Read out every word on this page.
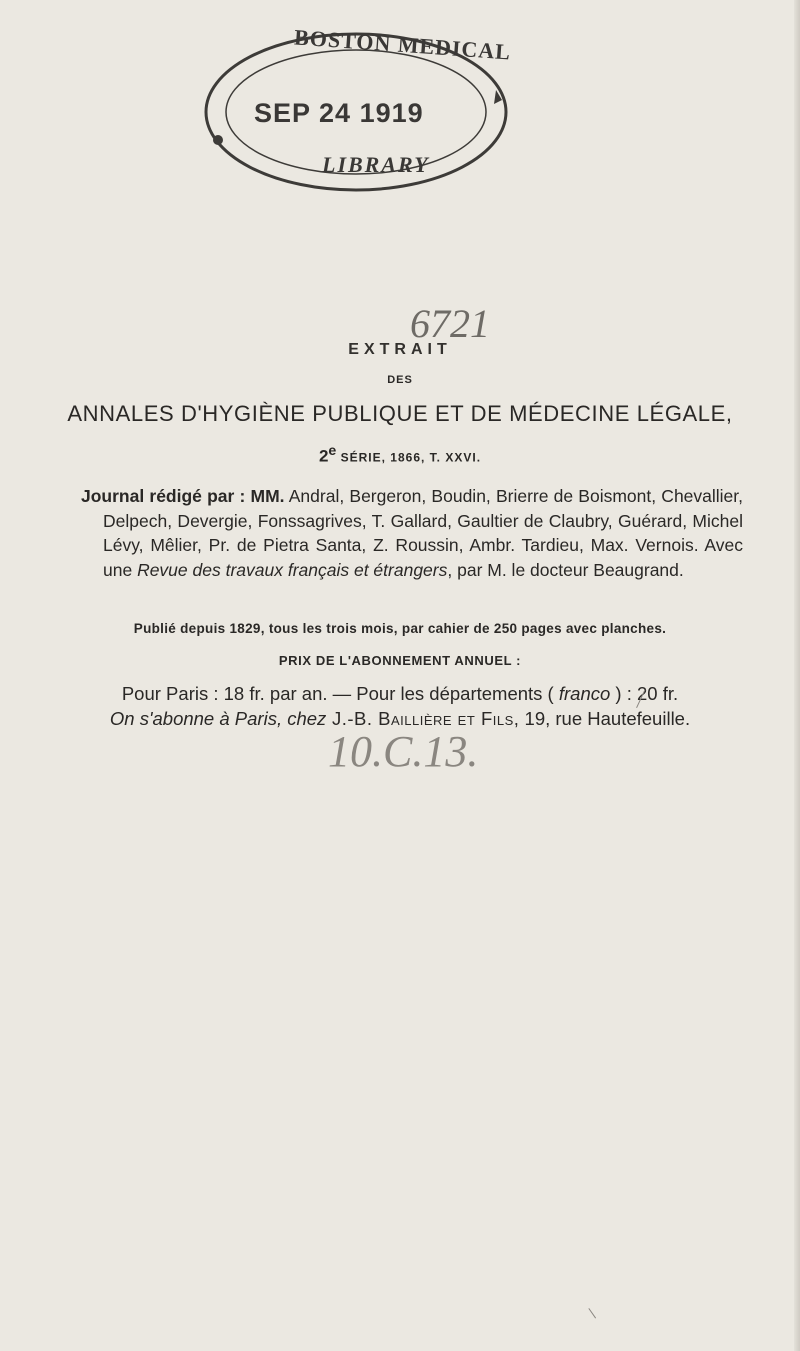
BOSTON MEDICAL
SEP 24 1919
LIBRARY
6721
EXTRAIT
DES
ANNALES D'HYGIÈNE PUBLIQUE ET DE MÉDECINE LÉGALE,
2e SÉRIE, 1866, T. XXVI.
Journal rédigé par : MM. Andral, Bergeron, Boudin, Brierre de Boismont, Chevallier, Delpech, Devergie, Fonssagrives, T. Gallard, Gaultier de Claubry, Guérard, Michel Lévy, Mêlier, Pr. de Pietra Santa, Z. Roussin, Ambr. Tardieu, Max. Vernois. Avec une Revue des travaux français et étrangers, par M. le docteur Beaugrand.
Publié depuis 1829, tous les trois mois, par cahier de 250 pages avec planches.
PRIX DE L'ABONNEMENT ANNUEL :
Pour Paris : 18 fr. par an. — Pour les départements ( franco ) : 20 fr.
On s'abonne à Paris, chez J.-B. Baillière et Fils, 19, rue Hautefeuille.
10.C.13.
